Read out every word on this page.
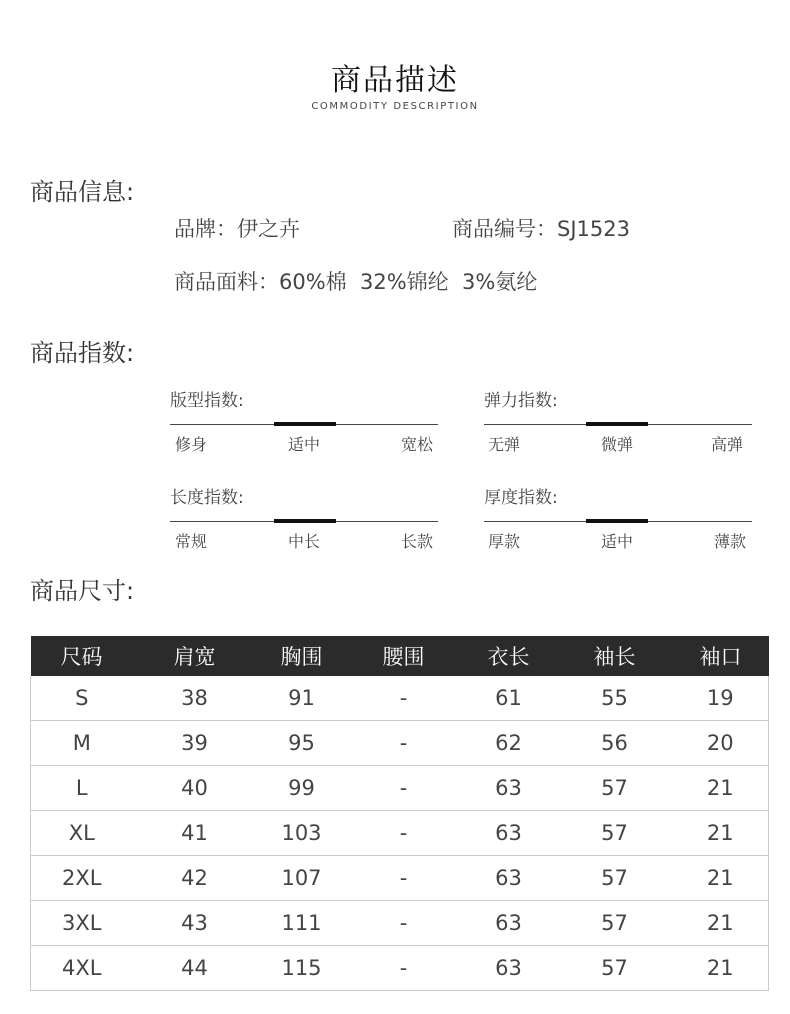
商品描述
COMMODITY DESCRIPTION
商品信息:
品牌：伊之卉	商品编号：SJ1523
商品面料：60%棉  32%锦纶  3%氨纶
商品指数:
版型指数:
修身	适中	宽松
弹力指数:
无弹	微弹	高弹
长度指数:
常规	中长	长款
厚度指数:
厚款	适中	薄款
商品尺寸:
尺码	肩宽	胸围	腰围	衣长	袖长	袖口
S	38	91	-	61	55	19
M	39	95	-	62	56	20
L	40	99	-	63	57	21
XL	41	103	-	63	57	21
2XL	42	107	-	63	57	21
3XL	43	111	-	63	57	21
4XL	44	115	-	63	57	21
